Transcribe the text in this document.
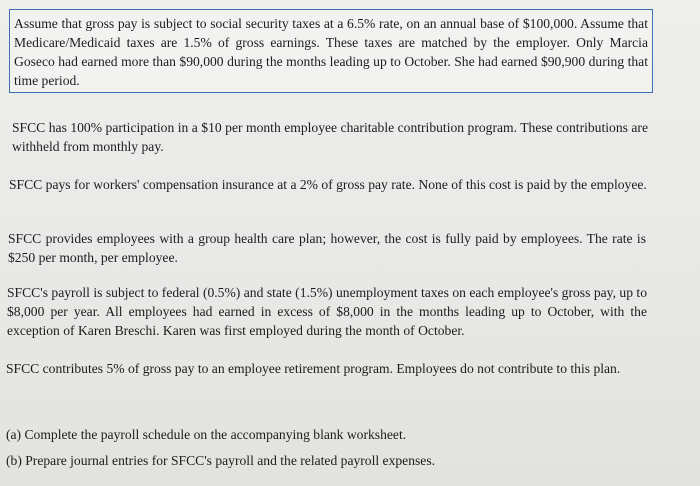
Assume that gross pay is subject to social security taxes at a 6.5% rate, on an annual base of $100,000. Assume that Medicare/Medicaid taxes are 1.5% of gross earnings. These taxes are matched by the employer. Only Marcia Goseco had earned more than $90,000 during the months leading up to October. She had earned $90,900 during that time period.

SFCC has 100% participation in a $10 per month employee charitable contribution program. These contributions are withheld from monthly pay.

SFCC pays for workers' compensation insurance at a 2% of gross pay rate. None of this cost is paid by the employee.

SFCC provides employees with a group health care plan; however, the cost is fully paid by employees. The rate is $250 per month, per employee.

SFCC's payroll is subject to federal (0.5%) and state (1.5%) unemployment taxes on each employee's gross pay, up to $8,000 per year. All employees had earned in excess of $8,000 in the months leading up to October, with the exception of Karen Breschi. Karen was first employed during the month of October.

SFCC contributes 5% of gross pay to an employee retirement program. Employees do not contribute to this plan.

(a) Complete the payroll schedule on the accompanying blank worksheet.

(b) Prepare journal entries for SFCC's payroll and the related payroll expenses.
